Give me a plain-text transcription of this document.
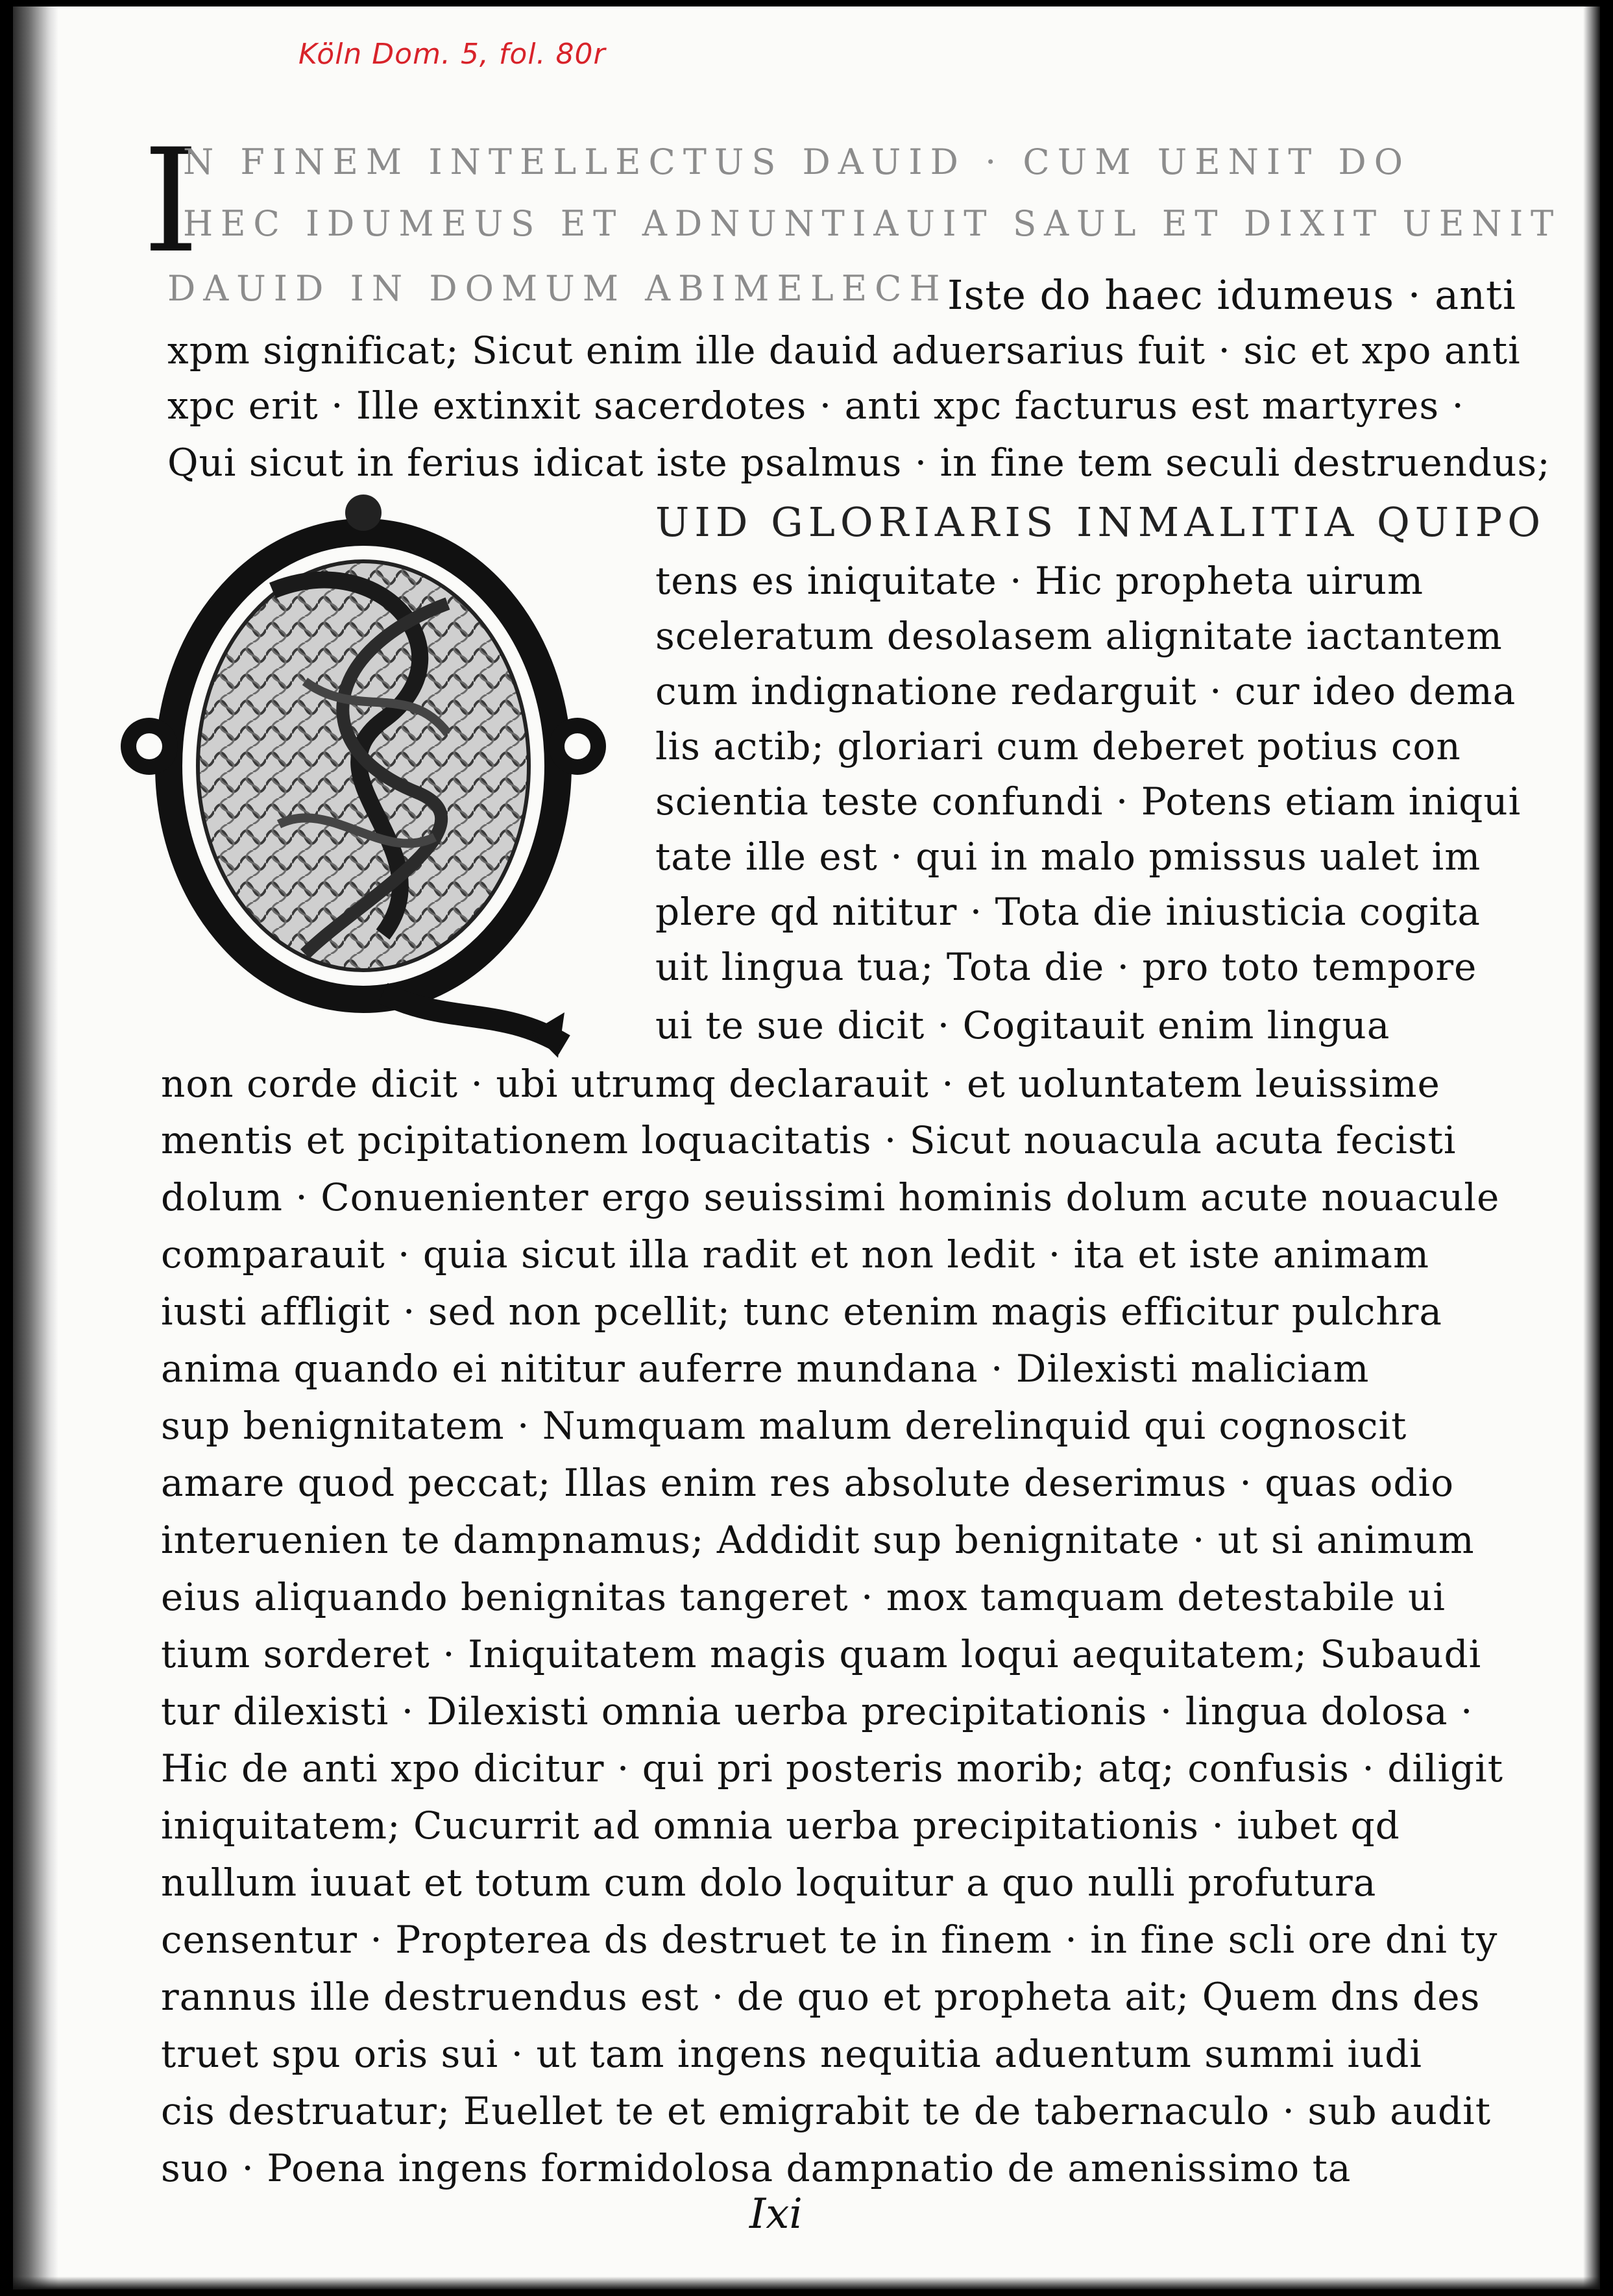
Köln Dom. 5, fol. 80r
I
N FINEM INTELLECTUS DAUID · CUM UENIT DO
HEC IDUMEUS ET ADNUNTIAUIT SAUL ET DIXIT UENIT
DAUID IN DOMUM ABIMELECH Iste do haec idumeus · anti
xpm significat; Sicut enim ille dauid aduersarius fuit · sic et xpo anti
xpc erit · Ille extinxit sacerdotes · anti xpc facturus est martyres ·
Qui sicut in ferius idicat iste psalmus · in fine tem seculi destruendus;
UID GLORIARIS INMALITIA QUIPO
tens es iniquitate · Hic propheta uirum
sceleratum desolasem alignitate iactantem
cum indignatione redarguit · cur ideo dema
lis actib; gloriari cum deberet potius con
scientia teste confundi · Potens etiam iniqui
tate ille est · qui in malo pmissus ualet im
plere qd nititur · Tota die iniusticia cogita
uit lingua tua; Tota die · pro toto tempore
ui te sue dicit · Cogitauit enim lingua
non corde dicit · ubi utrumq declarauit · et uoluntatem leuissime
mentis et pcipitationem loquacitatis · Sicut nouacula acuta fecisti
dolum · Conuenienter ergo seuissimi hominis dolum acute nouacule
comparauit · quia sicut illa radit et non ledit · ita et iste animam
iusti affligit · sed non pcellit; tunc etenim magis efficitur pulchra
anima quando ei nititur auferre mundana · Dilexisti maliciam
sup benignitatem · Numquam malum derelinquid qui cognoscit
amare quod peccat; Illas enim res absolute deserimus · quas odio
interuenien te dampnamus; Addidit sup benignitate · ut si animum
eius aliquando benignitas tangeret · mox tamquam detestabile ui
tium sorderet · Iniquitatem magis quam loqui aequitatem; Subaudi
tur dilexisti · Dilexisti omnia uerba precipitationis · lingua dolosa ·
Hic de anti xpo dicitur · qui pri posteris morib; atq; confusis · diligit
iniquitatem; Cucurrit ad omnia uerba precipitationis · iubet qd
nullum iuuat et totum cum dolo loquitur a quo nulli profutura
censentur · Propterea ds destruet te in finem · in fine scli ore dni ty
rannus ille destruendus est · de quo et propheta ait; Quem dns des
truet spu oris sui · ut tam ingens nequitia aduentum summi iudi
cis destruatur; Euellet te et emigrabit te de tabernaculo · sub audit
suo · Poena ingens formidolosa dampnatio de amenissimo ta
Ixi
